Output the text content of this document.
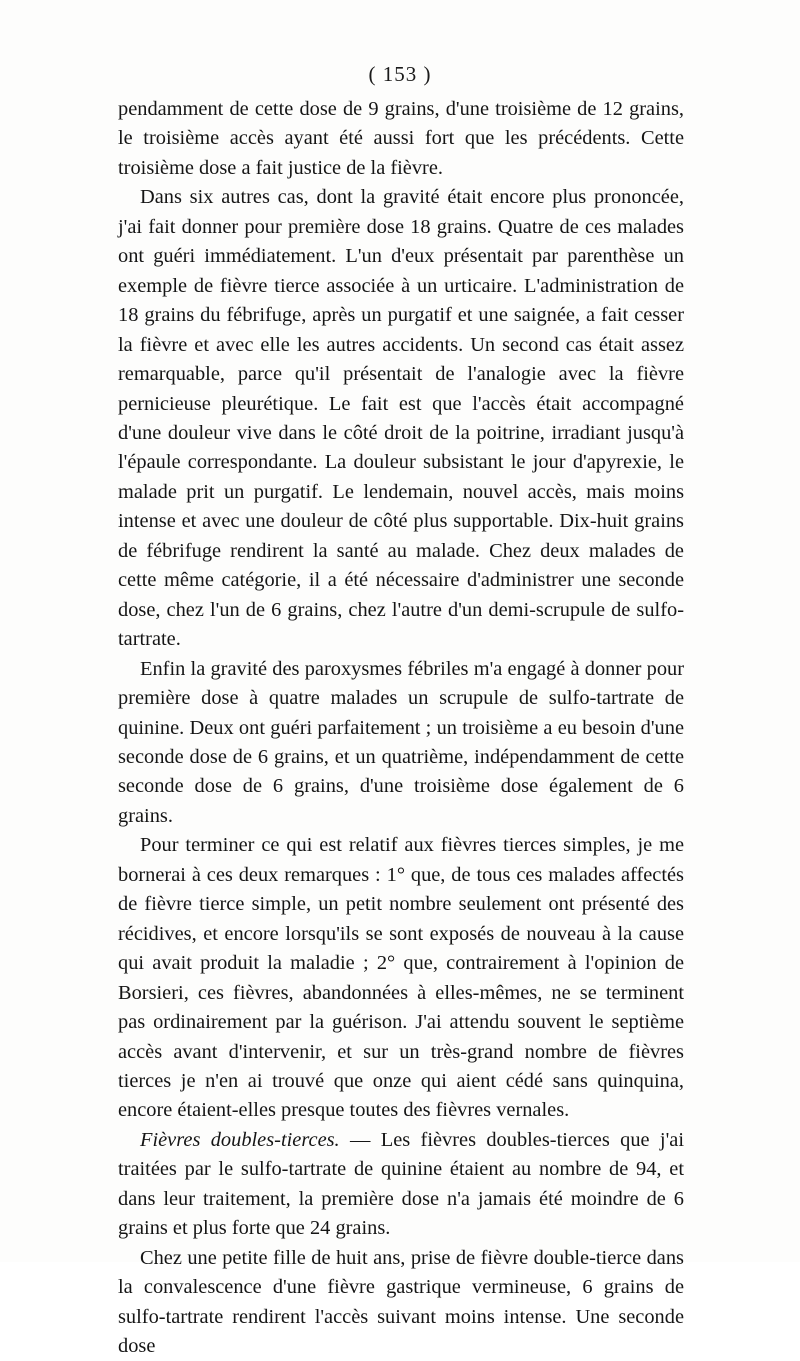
( 153 )

pendamment de cette dose de 9 grains, d'une troisième de 12 grains, le troisième accès ayant été aussi fort que les précédents. Cette troisième dose a fait justice de la fièvre.

Dans six autres cas, dont la gravité était encore plus prononcée, j'ai fait donner pour première dose 18 grains. Quatre de ces malades ont guéri immédiatement. L'un d'eux présentait par parenthèse un exemple de fièvre tierce associée à un urticaire. L'administration de 18 grains du fébrifuge, après un purgatif et une saignée, a fait cesser la fièvre et avec elle les autres accidents. Un second cas était assez remarquable, parce qu'il présentait de l'analogie avec la fièvre pernicieuse pleurétique. Le fait est que l'accès était accompagné d'une douleur vive dans le côté droit de la poitrine, irradiant jusqu'à l'épaule correspondante. La douleur subsistant le jour d'apyrexie, le malade prit un purgatif. Le lendemain, nouvel accès, mais moins intense et avec une douleur de côté plus supportable. Dix-huit grains de fébrifuge rendirent la santé au malade. Chez deux malades de cette même catégorie, il a été nécessaire d'administrer une seconde dose, chez l'un de 6 grains, chez l'autre d'un demi-scrupule de sulfo-tartrate.

Enfin la gravité des paroxysmes fébriles m'a engagé à donner pour première dose à quatre malades un scrupule de sulfo-tartrate de quinine. Deux ont guéri parfaitement ; un troisième a eu besoin d'une seconde dose de 6 grains, et un quatrième, indépendamment de cette seconde dose de 6 grains, d'une troisième dose également de 6 grains.

Pour terminer ce qui est relatif aux fièvres tierces simples, je me bornerai à ces deux remarques : 1° que, de tous ces malades affectés de fièvre tierce simple, un petit nombre seulement ont présenté des récidives, et encore lorsqu'ils se sont exposés de nouveau à la cause qui avait produit la maladie ; 2° que, contrairement à l'opinion de Borsieri, ces fièvres, abandonnées à elles-mêmes, ne se terminent pas ordinairement par la guérison. J'ai attendu souvent le septième accès avant d'intervenir, et sur un très-grand nombre de fièvres tierces je n'en ai trouvé que onze qui aient cédé sans quinquina, encore étaient-elles presque toutes des fièvres vernales.

Fièvres doubles-tierces. — Les fièvres doubles-tierces que j'ai traitées par le sulfo-tartrate de quinine étaient au nombre de 94, et dans leur traitement, la première dose n'a jamais été moindre de 6 grains et plus forte que 24 grains.

Chez une petite fille de huit ans, prise de fièvre double-tierce dans la convalescence d'une fièvre gastrique vermineuse, 6 grains de sulfo-tartrate rendirent l'accès suivant moins intense. Une seconde dose
